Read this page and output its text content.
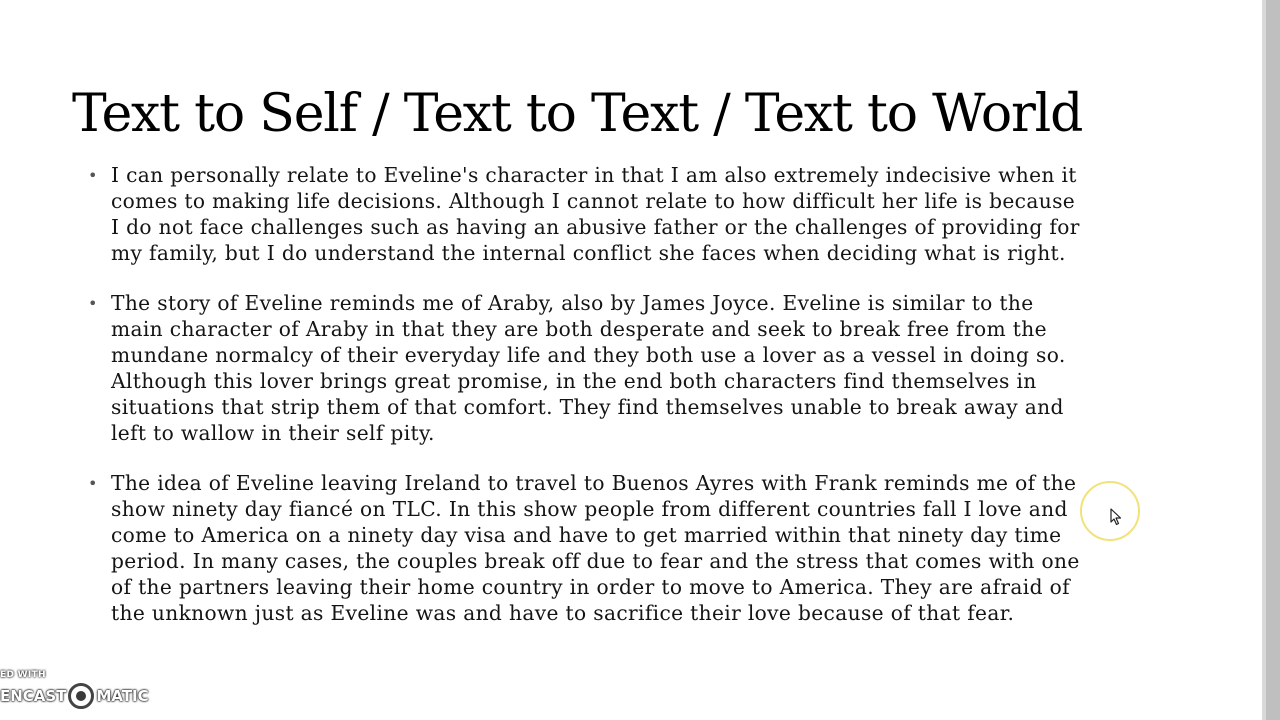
Text to Self / Text to Text / Text to World
• I can personally relate to Eveline's character in that I am also extremely indecisive when it comes to making life decisions. Although I cannot relate to how difficult her life is because I do not face challenges such as having an abusive father or the challenges of providing for my family, but I do understand the internal conflict she faces when deciding what is right.
• The story of Eveline reminds me of Araby, also by James Joyce. Eveline is similar to the main character of Araby in that they are both desperate and seek to break free from the mundane normalcy of their everyday life and they both use a lover as a vessel in doing so. Although this lover brings great promise, in the end both characters find themselves in situations that strip them of that comfort. They find themselves unable to break away and left to wallow in their self pity.
• The idea of Eveline leaving Ireland to travel to Buenos Ayres with Frank reminds me of the show ninety day fiancé on TLC. In this show people from different countries fall I love and come to America on a ninety day visa and have to get married within that ninety day time period. In many cases, the couples break off due to fear and the stress that comes with one of the partners leaving their home country in order to move to America. They are afraid of the unknown just as Eveline was and have to sacrifice their love because of that fear.
ED WITH
ENCAST MATIC
